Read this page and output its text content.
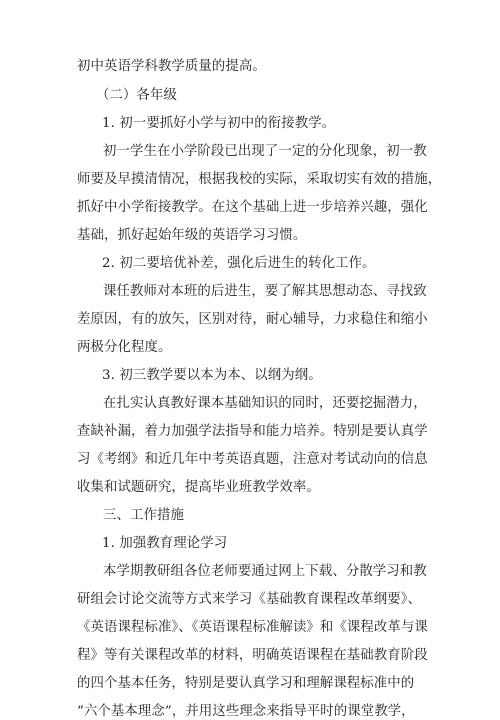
初中英语学科教学质量的提高。
（二）各年级
1. 初一要抓好小学与初中的衔接教学。
初一学生在小学阶段已出现了一定的分化现象，初一教
师要及早摸清情况，根据我校的实际，采取切实有效的措施，
抓好中小学衔接教学。在这个基础上进一步培养兴趣，强化
基础，抓好起始年级的英语学习习惯。
2. 初二要培优补差，强化后进生的转化工作。
课任教师对本班的后进生，要了解其思想动态、寻找致
差原因，有的放矢，区别对待，耐心辅导，力求稳住和缩小
两极分化程度。
3. 初三教学要以本为本、以纲为纲。
在扎实认真教好课本基础知识的同时，还要挖掘潜力，
查缺补漏，着力加强学法指导和能力培养。特别是要认真学
习《考纲》和近几年中考英语真题，注意对考试动向的信息
收集和试题研究，提高毕业班教学效率。
三、工作措施
1. 加强教育理论学习
本学期教研组各位老师要通过网上下载、分散学习和教
研组会讨论交流等方式来学习《基础教育课程改革纲要》、
《英语课程标准》、《英语课程标准解读》和《课程改革与课
程》等有关课程改革的材料，明确英语课程在基础教育阶段
的四个基本任务，特别是要认真学习和理解课程标准中的
“六个基本理念”，并用这些理念来指导平时的课堂教学，
